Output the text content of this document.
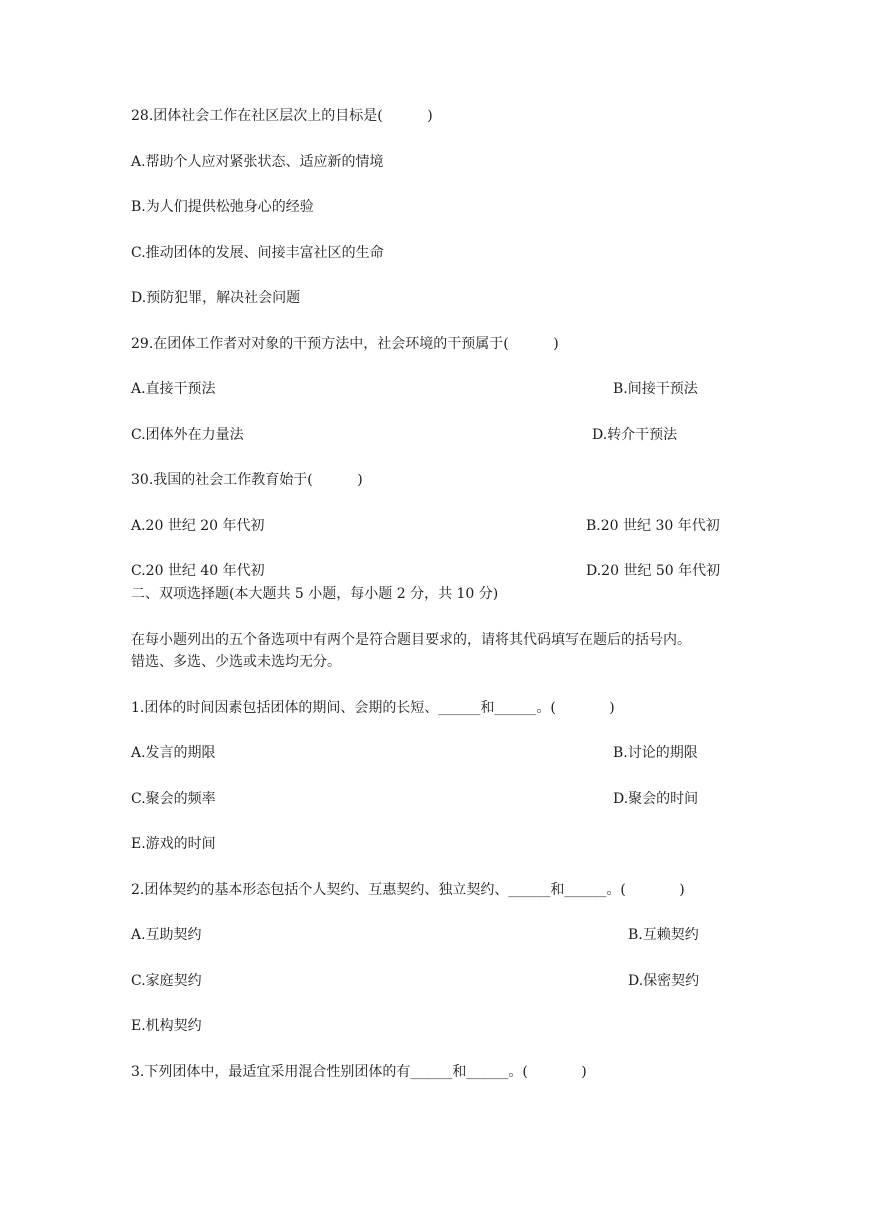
28.团体社会工作在社区层次上的目标是(          )
A.帮助个人应对紧张状态、适应新的情境
B.为人们提供松弛身心的经验
C.推动团体的发展、间接丰富社区的生命
D.预防犯罪，解决社会问题
29.在团体工作者对对象的干预方法中，社会环境的干预属于(          )
A.直接干预法	B.间接干预法
C.团体外在力量法	D.转介干预法
30.我国的社会工作教育始于(          )
A.20 世纪 20 年代初	B.20 世纪 30 年代初
C.20 世纪 40 年代初	D.20 世纪 50 年代初
二、双项选择题(本大题共 5 小题，每小题 2 分，共 10 分)
在每小题列出的五个备选项中有两个是符合题目要求的，请将其代码填写在题后的括号内。
错选、多选、少选或未选均无分。
1.团体的时间因素包括团体的期间、会期的长短、______和______。(            )
A.发言的期限	B.讨论的期限
C.聚会的频率	D.聚会的时间
E.游戏的时间
2.团体契约的基本形态包括个人契约、互惠契约、独立契约、______和______。(            )
A.互助契约	B.互赖契约
C.家庭契约	D.保密契约
E.机构契约
3.下列团体中，最适宜采用混合性别团体的有______和______。(            )
